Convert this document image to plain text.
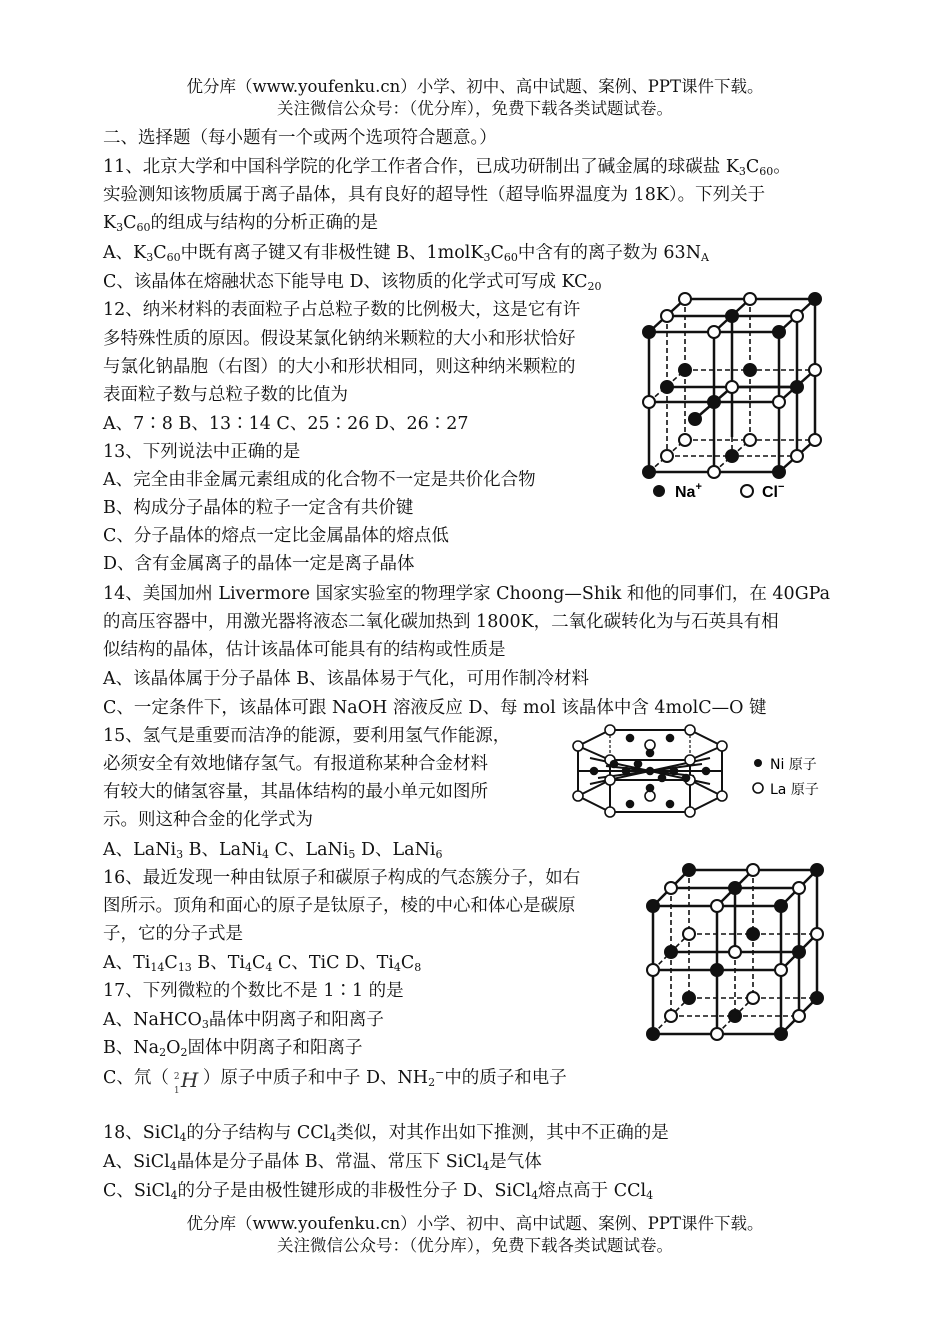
优分库（www.youfenku.cn）小学、初中、高中试题、案例、PPT课件下载。
关注微信公众号：（优分库），免费下载各类试题试卷。
二、选择题（每小题有一个或两个选项符合题意。）
11、北京大学和中国科学院的化学工作者合作，已成功研制出了碱金属的球碳盐 $K_3C_{60}$。
实验测知该物质属于离子晶体，具有良好的超导性（超导临界温度为 18K）。下列关于
$K_3C_{60}$的组成与结构的分析正确的是
A、$K_3C_{60}$中既有离子键又有非极性键 B、$1molK_3C_{60}$中含有的离子数为 $63N_A$
C、该晶体在熔融状态下能导电 D、该物质的化学式可写成 $KC_{20}$
12、纳米材料的表面粒子占总粒子数的比例极大，这是它有许
多特殊性质的原因。假设某氯化钠纳米颗粒的大小和形状恰好
与氯化钠晶胞（右图）的大小和形状相同，则这种纳米颗粒的
表面粒子数与总粒子数的比值为
A、7∶8 B、13∶14 C、25∶26 D、26∶27
Na+	Cl−
13、下列说法中正确的是
A、完全由非金属元素组成的化合物不一定是共价化合物
B、构成分子晶体的粒子一定含有共价键
C、分子晶体的熔点一定比金属晶体的熔点低
D、含有金属离子的晶体一定是离子晶体
14、美国加州 Livermore 国家实验室的物理学家 Choong—Shik 和他的同事们，在 40GPa
的高压容器中，用激光器将液态二氧化碳加热到 1800K，二氧化碳转化为与石英具有相
似结构的晶体，估计该晶体可能具有的结构或性质是
A、该晶体属于分子晶体 B、该晶体易于气化，可用作制冷材料
C、一定条件下，该晶体可跟 NaOH 溶液反应 D、每 mol 该晶体中含 4molC—O 键
15、氢气是重要而洁净的能源，要利用氢气作能源，
必须安全有效地储存氢气。有报道称某种合金材料
有较大的储氢容量，其晶体结构的最小单元如图所
示。则这种合金的化学式为
A、LaNi$_3$ B、LaNi$_4$ C、LaNi$_5$ D、LaNi$_6$
Ni 原子
La 原子
16、最近发现一种由钛原子和碳原子构成的气态簇分子，如右
图所示。顶角和面心的原子是钛原子，棱的中心和体心是碳原
子，它的分子式是
A、$Ti_{14}C_{13}$ B、$Ti_4C_4$ C、TiC D、$Ti_4C_8$
17、下列微粒的个数比不是 1∶1 的是
A、NaHCO$_3$晶体中阴离子和阳离子
B、$Na_2O_2$固体中阴离子和阳离子
C、氘（ 2
1 H ）原子中质子和中子 D、$NH_2^-$中的质子和电子
18、SiCl$_4$的分子结构与 CCl$_4$类似，对其作出如下推测，其中不正确的是
A、SiCl$_4$晶体是分子晶体 B、常温、常压下 SiCl$_4$是气体
C、SiCl$_4$的分子是由极性键形成的非极性分子 D、SiCl$_4$熔点高于 CCl$_4$
优分库（www.youfenku.cn）小学、初中、高中试题、案例、PPT课件下载。
关注微信公众号：（优分库），免费下载各类试题试卷。
